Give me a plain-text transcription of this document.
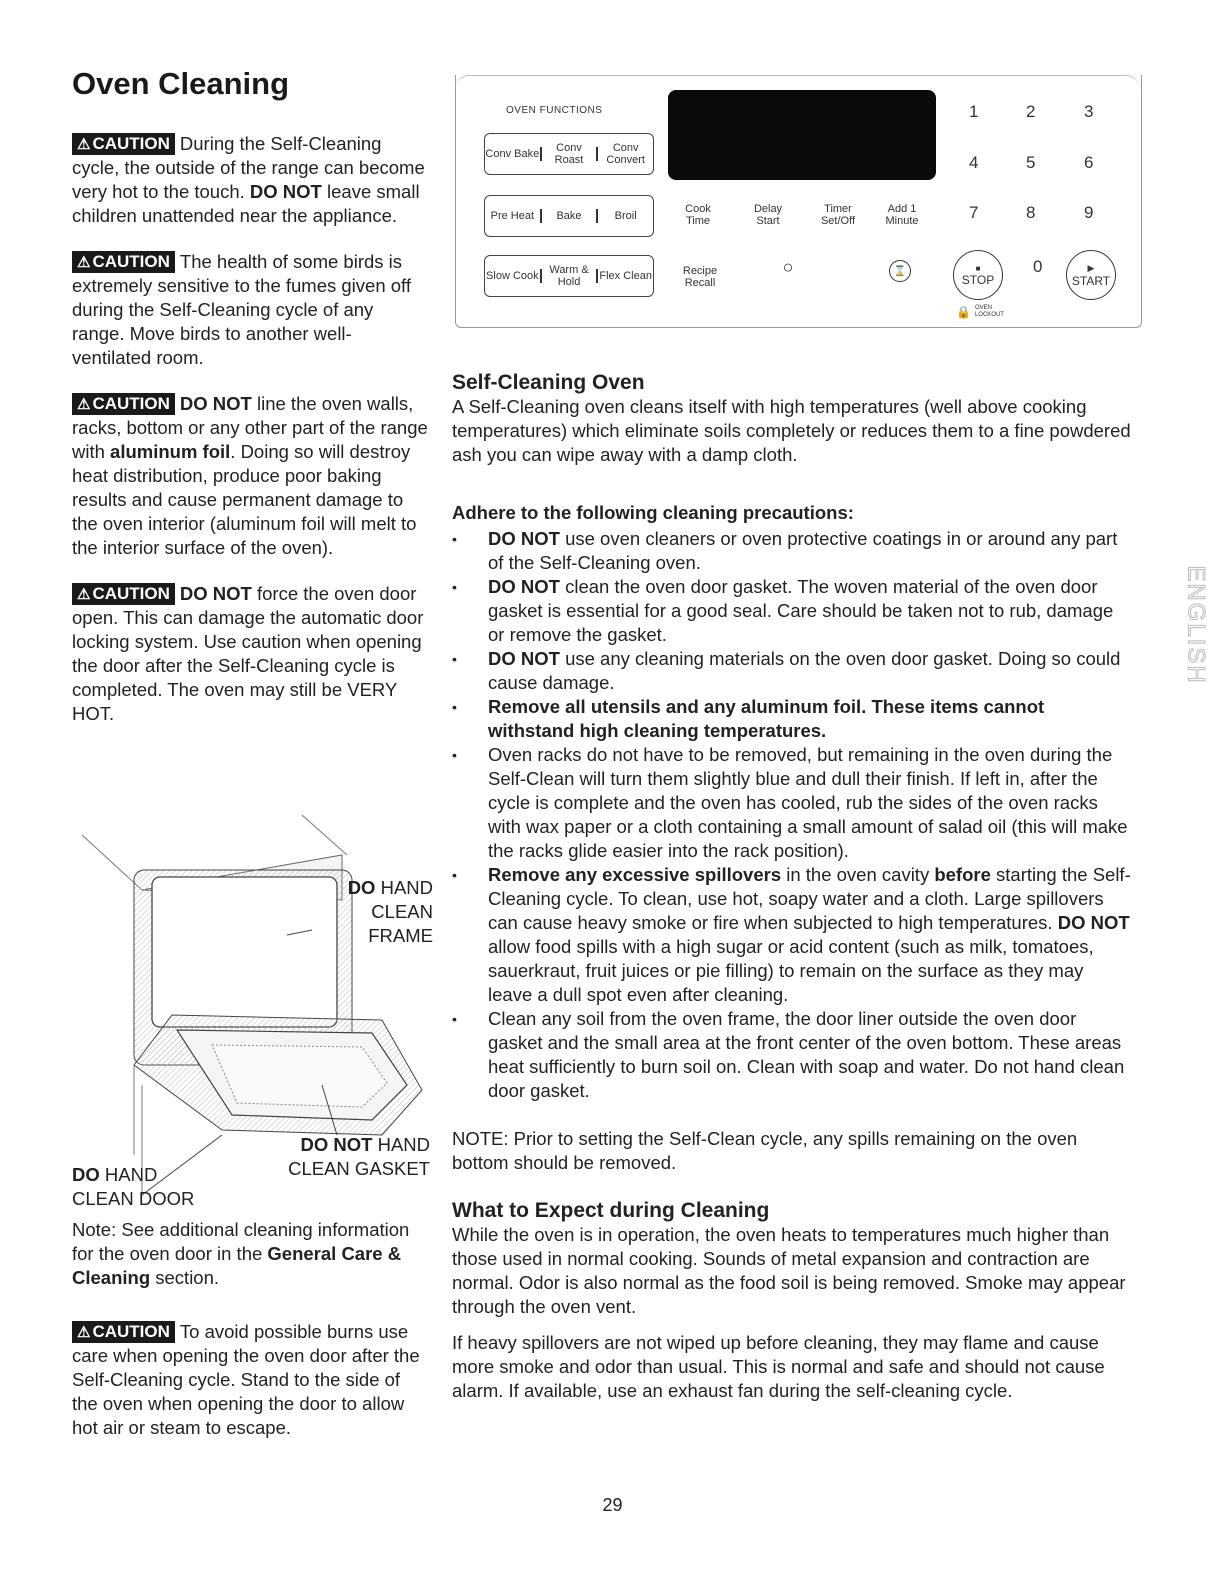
Oven Cleaning

⚠ CAUTION During the Self-Cleaning cycle, the outside of the range can become very hot to the touch. DO NOT leave small children unattended near the appliance.

⚠ CAUTION The health of some birds is extremely sensitive to the fumes given off during the Self-Cleaning cycle of any range. Move birds to another well-ventilated room.

⚠ CAUTION DO NOT line the oven walls, racks, bottom or any other part of the range with aluminum foil. Doing so will destroy heat distribution, produce poor baking results and cause permanent damage to the oven interior (aluminum foil will melt to the interior surface of the oven).

⚠ CAUTION DO NOT force the oven door open. This can damage the automatic door locking system. Use caution when opening the door after the Self-Cleaning cycle is completed. The oven may still be VERY HOT.

DO HAND
CLEAN
FRAME
DO NOT HAND
CLEAN GASKET
DO HAND
CLEAN DOOR

Note: See additional cleaning information for the oven door in the General Care & Cleaning section.

⚠ CAUTION To avoid possible burns use care when opening the oven door after the Self-Cleaning cycle. Stand to the side of the oven when opening the door to allow hot air or steam to escape.

OVEN FUNCTIONS
Conv Bake	Conv Roast
Conv Convert
Pre Heat	Bake	Broil
Slow Cook Warm & Hold	Flex Clean
Cook Time
Delay Start
Timer Set/Off
Add 1 Minute
Recipe Recall
○	⌛
1	2	3
4	5	6
7	8	9
0
■
STOP
▶
START
🔒 OVEN LOCKOUT
Self-Cleaning Oven

A Self-Cleaning oven cleans itself with high temperatures (well above cooking temperatures) which eliminate soils completely or reduces them to a fine powdered ash you can wipe away with a damp cloth.

Adhere to the following cleaning precautions:

• DO NOT use oven cleaners or oven protective coatings in or around any part of the Self-Cleaning oven.
• DO NOT clean the oven door gasket. The woven material of the oven door gasket is essential for a good seal. Care should be taken not to rub, damage or remove the gasket.
• DO NOT use any cleaning materials on the oven door gasket. Doing so could cause damage.
• Remove all utensils and any aluminum foil. These items cannot withstand high cleaning temperatures.
• Oven racks do not have to be removed, but remaining in the oven during the Self-Clean will turn them slightly blue and dull their finish. If left in, after the cycle is complete and the oven has cooled, rub the sides of the oven racks with wax paper or a cloth containing a small amount of salad oil (this will make the racks glide easier into the rack position).
• Remove any excessive spillovers in the oven cavity before starting the Self-Cleaning cycle. To clean, use hot, soapy water and a cloth. Large spillovers can cause heavy smoke or fire when subjected to high temperatures. DO NOT allow food spills with a high sugar or acid content (such as milk, tomatoes, sauerkraut, fruit juices or pie filling) to remain on the surface as they may leave a dull spot even after cleaning.
• Clean any soil from the oven frame, the door liner outside the oven door gasket and the small area at the front center of the oven bottom. These areas heat sufficiently to burn soil on. Clean with soap and water. Do not hand clean door gasket.

NOTE: Prior to setting the Self-Clean cycle, any spills remaining on the oven bottom should be removed.

What to Expect during Cleaning

While the oven is in operation, the oven heats to temperatures much higher than those used in normal cooking. Sounds of metal expansion and contraction are normal. Odor is also normal as the food soil is being removed. Smoke may appear through the oven vent.

If heavy spillovers are not wiped up before cleaning, they may flame and cause more smoke and odor than usual. This is normal and safe and should not cause alarm. If available, use an exhaust fan during the self-cleaning cycle.

ENGLISH
29
